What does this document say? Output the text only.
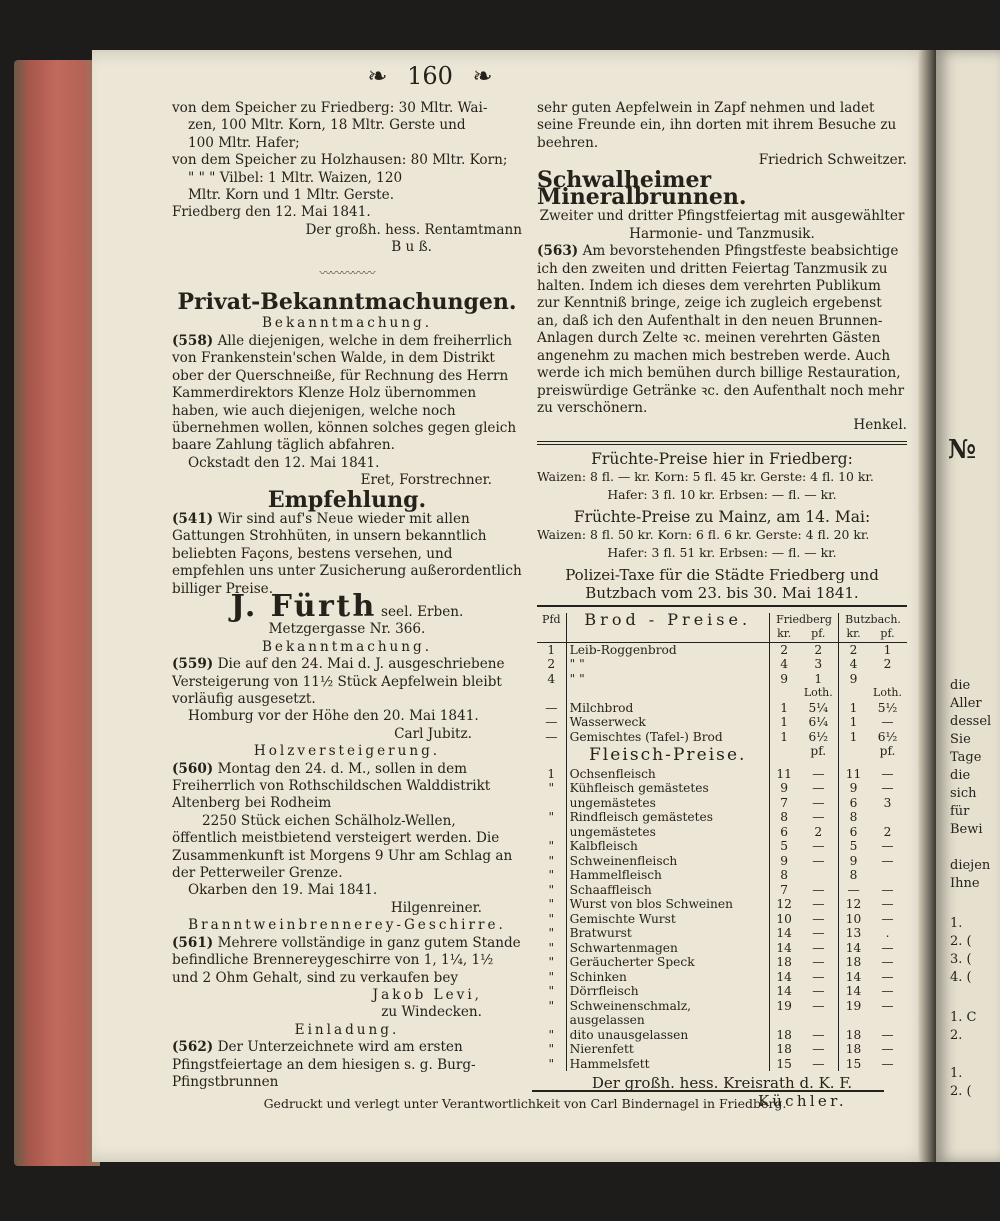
№
die
Aller
dessel
Sie
Tage
die
sich
für
Bewi
diejen
Ihne
1.
2. (
3. (
4. (
1. C
2.
1.
2. (
❧ 160 ❧

von dem Speicher zu Friedberg: 30 Mltr. Wai-

zen, 100 Mltr. Korn, 18 Mltr. Gerste und

100 Mltr. Hafer;

von dem Speicher zu Holzhausen: 80 Mltr. Korn;

" " " Vilbel: 1 Mltr. Waizen, 120

Mltr. Korn und 1 Mltr. Gerste.

Friedberg den 12. Mai 1841.

Der großh. hess. Rentamtmann

B u ß.

〰〰〰〰〰
Privat-Bekanntmachungen.

Bekanntmachung.

(558) Alle diejenigen, welche in dem freiherrlich von Frankenstein'schen Walde, in dem Distrikt ober der Querschneiße, für Rechnung des Herrn Kammerdirektors Klenze Holz übernommen haben, wie auch diejenigen, welche noch übernehmen wollen, können solches gegen gleich baare Zahlung täglich abfahren.

Ockstadt den 12. Mai 1841.

Eret, Forstrechner.

Empfehlung.

(541) Wir sind auf's Neue wieder mit allen Gattungen Strohhüten, in unsern bekanntlich beliebten Façons, bestens versehen, und empfehlen uns unter Zusicherung außerordentlich billiger Preise.

J. Fürth seel. Erben.

Metzgergasse Nr. 366.

Bekanntmachung.

(559) Die auf den 24. Mai d. J. ausgeschriebene Versteigerung von 11½ Stück Aepfelwein bleibt vorläufig ausgesetzt.

Homburg vor der Höhe den 20. Mai 1841.

Carl Jubitz.

Holzversteigerung.

(560) Montag den 24. d. M., sollen in dem Freiherrlich von Rothschildschen Walddistrikt Altenberg bei Rodheim

2250 Stück eichen Schälholz-Wellen,

öffentlich meistbietend versteigert werden. Die Zusammenkunft ist Morgens 9 Uhr am Schlag an der Petterweiler Grenze.

Okarben den 19. Mai 1841.

Hilgenreiner.

Branntweinbrennerey-Geschirre.

(561) Mehrere vollständige in ganz gutem Stande befindliche Brennereygeschirre von 1, 1¼, 1½ und 2 Ohm Gehalt, sind zu verkaufen bey

Jakob Levi,

zu Windecken.

Einladung.

(562) Der Unterzeichnete wird am ersten Pfingstfeiertage an dem hiesigen s. g. Burg-Pfingstbrunnen

sehr guten Aepfelwein in Zapf nehmen und ladet seine Freunde ein, ihn dorten mit ihrem Besuche zu beehren.

Friedrich Schweitzer.

Schwalheimer Mineralbrunnen.

Zweiter und dritter Pfingstfeiertag mit ausgewählter Harmonie- und Tanzmusik.

(563) Am bevorstehenden Pfingstfeste beabsichtige ich den zweiten und dritten Feiertag Tanzmusik zu halten. Indem ich dieses dem verehrten Publikum zur Kenntniß bringe, zeige ich zugleich ergebenst an, daß ich den Aufenthalt in den neuen Brunnen-Anlagen durch Zelte ꝛc. meinen verehrten Gästen angenehm zu machen mich bestreben werde. Auch werde ich mich bemühen durch billige Restauration, preiswürdige Getränke ꝛc. den Aufenthalt noch mehr zu verschönern.

Henkel.

Früchte-Preise hier in Friedberg:

Waizen: 8 fl. — kr. Korn: 5 fl. 45 kr. Gerste: 4 fl. 10 kr.

Hafer: 3 fl. 10 kr. Erbsen: — fl. — kr.

Früchte-Preise zu Mainz, am 14. Mai:

Waizen: 8 fl. 50 kr. Korn: 6 fl. 6 kr. Gerste: 4 fl. 20 kr.

Hafer: 3 fl. 51 kr. Erbsen: — fl. — kr.

Polizei-Taxe für die Städte Friedberg und

Butzbach vom 23. bis 30. Mai 1841.

Pfd	Brod - Preise.	Friedberg		Butzbach.	
		kr.	pf.	kr.	pf.
1	Leib-Roggenbrod	2	2	2	1
2	" "	4	3	4	2
4	" "	9	1	9	
			Loth.		Loth.
—	Milchbrod	1	5¼	1	5½
—	Wasserweck	1	6¼	1	—
—	Gemischtes (Tafel-) Brod	1	6½	1	6½
	Fleisch-Preise.		pf.		pf.
1	Ochsenfleisch	11	—	11	—
"	Kühfleisch gemästetes	9	—	9	—
	ungemästetes	7	—	6	3
"	Rindfleisch gemästetes	8	—	8	
	ungemästetes	6	2	6	2
"	Kalbfleisch	5	—	5	—
"	Schweinenfleisch	9	—	9	—
"	Hammelfleisch	8		8	
"	Schaaffleisch	7	—	—	—
"	Wurst von blos Schweinen	12	—	12	—
"	Gemischte Wurst	10	—	10	—
"	Bratwurst	14	—	13	.
"	Schwartenmagen	14	—	14	—
"	Geräucherter Speck	18	—	18	—
"	Schinken	14	—	14	—
"	Dörrfleisch	14	—	14	—
"	Schweinenschmalz, ausgelassen	19	—	19	—
"	dito unausgelassen	18	—	18	—
"	Nierenfett	18	—	18	—
"	Hammelsfett	15	—	15	—

Der großh. hess. Kreisrath d. K. F.

Küchler.

Gedruckt und verlegt unter Verantwortlichkeit von Carl Bindernagel in Friedberg.
